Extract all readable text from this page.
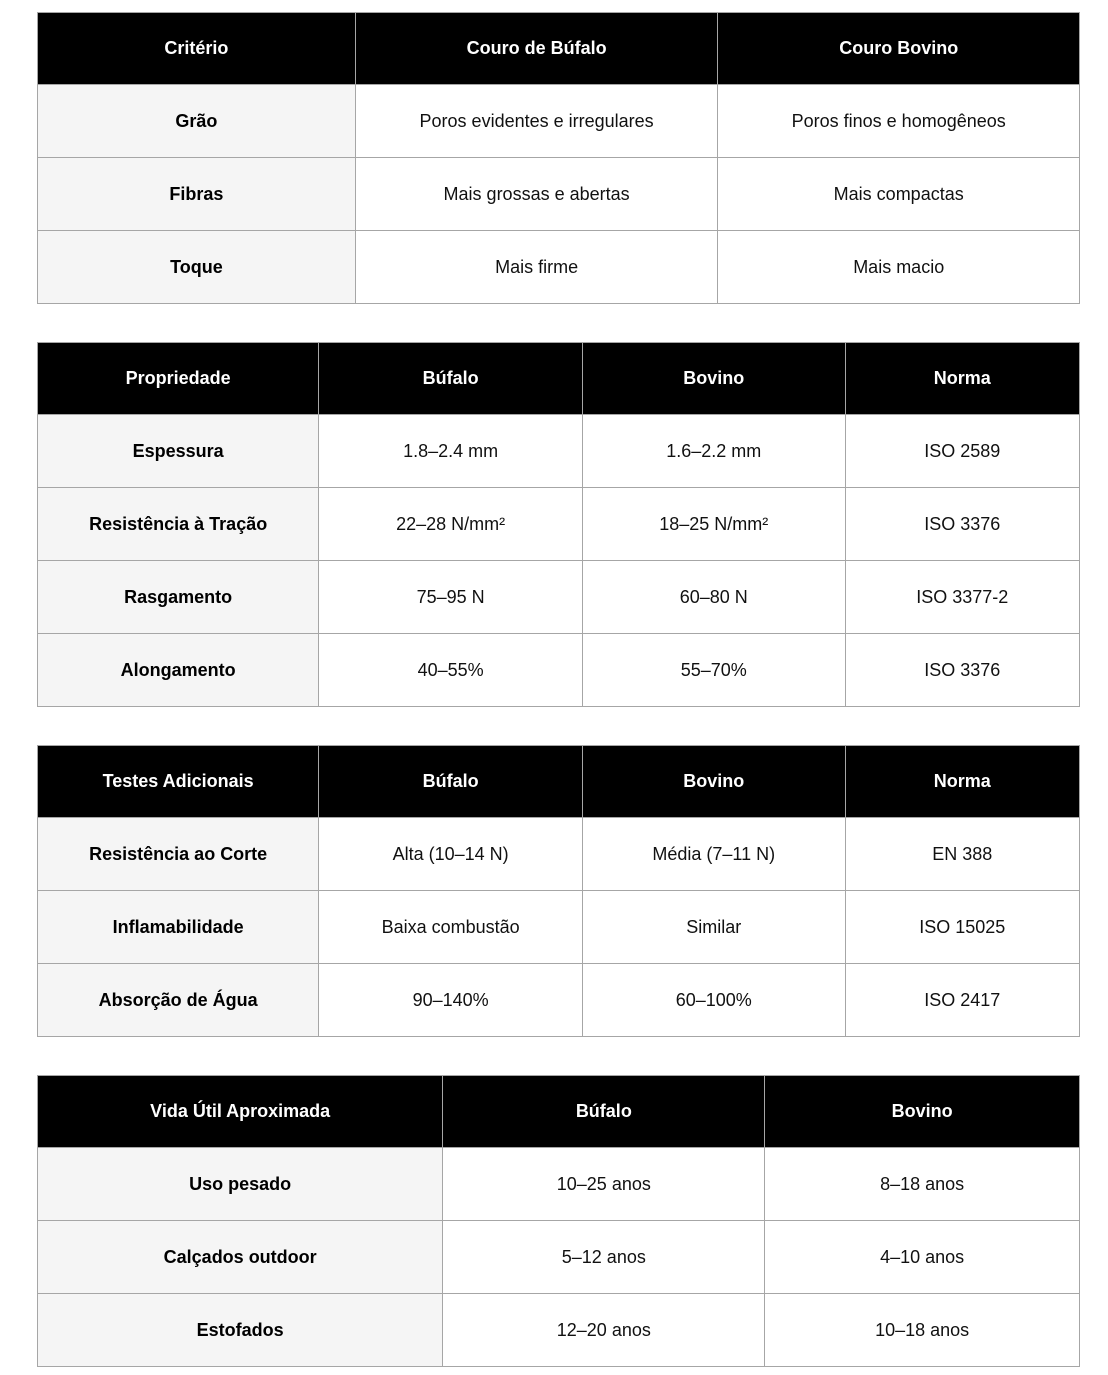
Critério	Couro de Búfalo	Couro Bovino
Grão	Poros evidentes e irregulares	Poros finos e homogêneos
Fibras	Mais grossas e abertas	Mais compactas
Toque	Mais firme	Mais macio
Propriedade	Búfalo	Bovino	Norma
Espessura	1.8–2.4 mm	1.6–2.2 mm	ISO 2589
Resistência à Tração	22–28 N/mm²	18–25 N/mm²	ISO 3376
Rasgamento	75–95 N	60–80 N	ISO 3377-2
Alongamento	40–55%	55–70%	ISO 3376
Testes Adicionais	Búfalo	Bovino	Norma
Resistência ao Corte	Alta (10–14 N)	Média (7–11 N)	EN 388
Inflamabilidade	Baixa combustão	Similar	ISO 15025
Absorção de Água	90–140%	60–100%	ISO 2417
Vida Útil Aproximada	Búfalo	Bovino
Uso pesado	10–25 anos	8–18 anos
Calçados outdoor	5–12 anos	4–10 anos
Estofados	12–20 anos	10–18 anos
